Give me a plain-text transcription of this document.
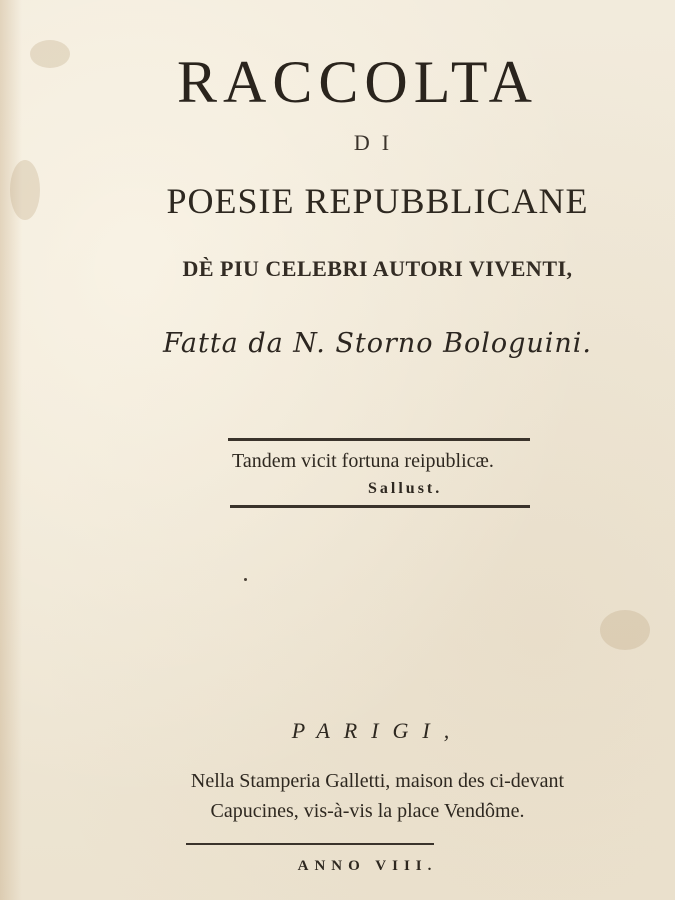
RACCOLTA
DI
POESIE REPUBBLICANE
DÈ PIU CELEBRI AUTORI VIVENTI,
Fatta da N. Storno Bologuini.
Tandem vicit fortuna reipublicæ.
Sallust.
PARIGI,
Nella Stamperia Galletti, maison des ci-devant
Capucines, vis-à-vis la place Vendôme.
ANNO VIII.
